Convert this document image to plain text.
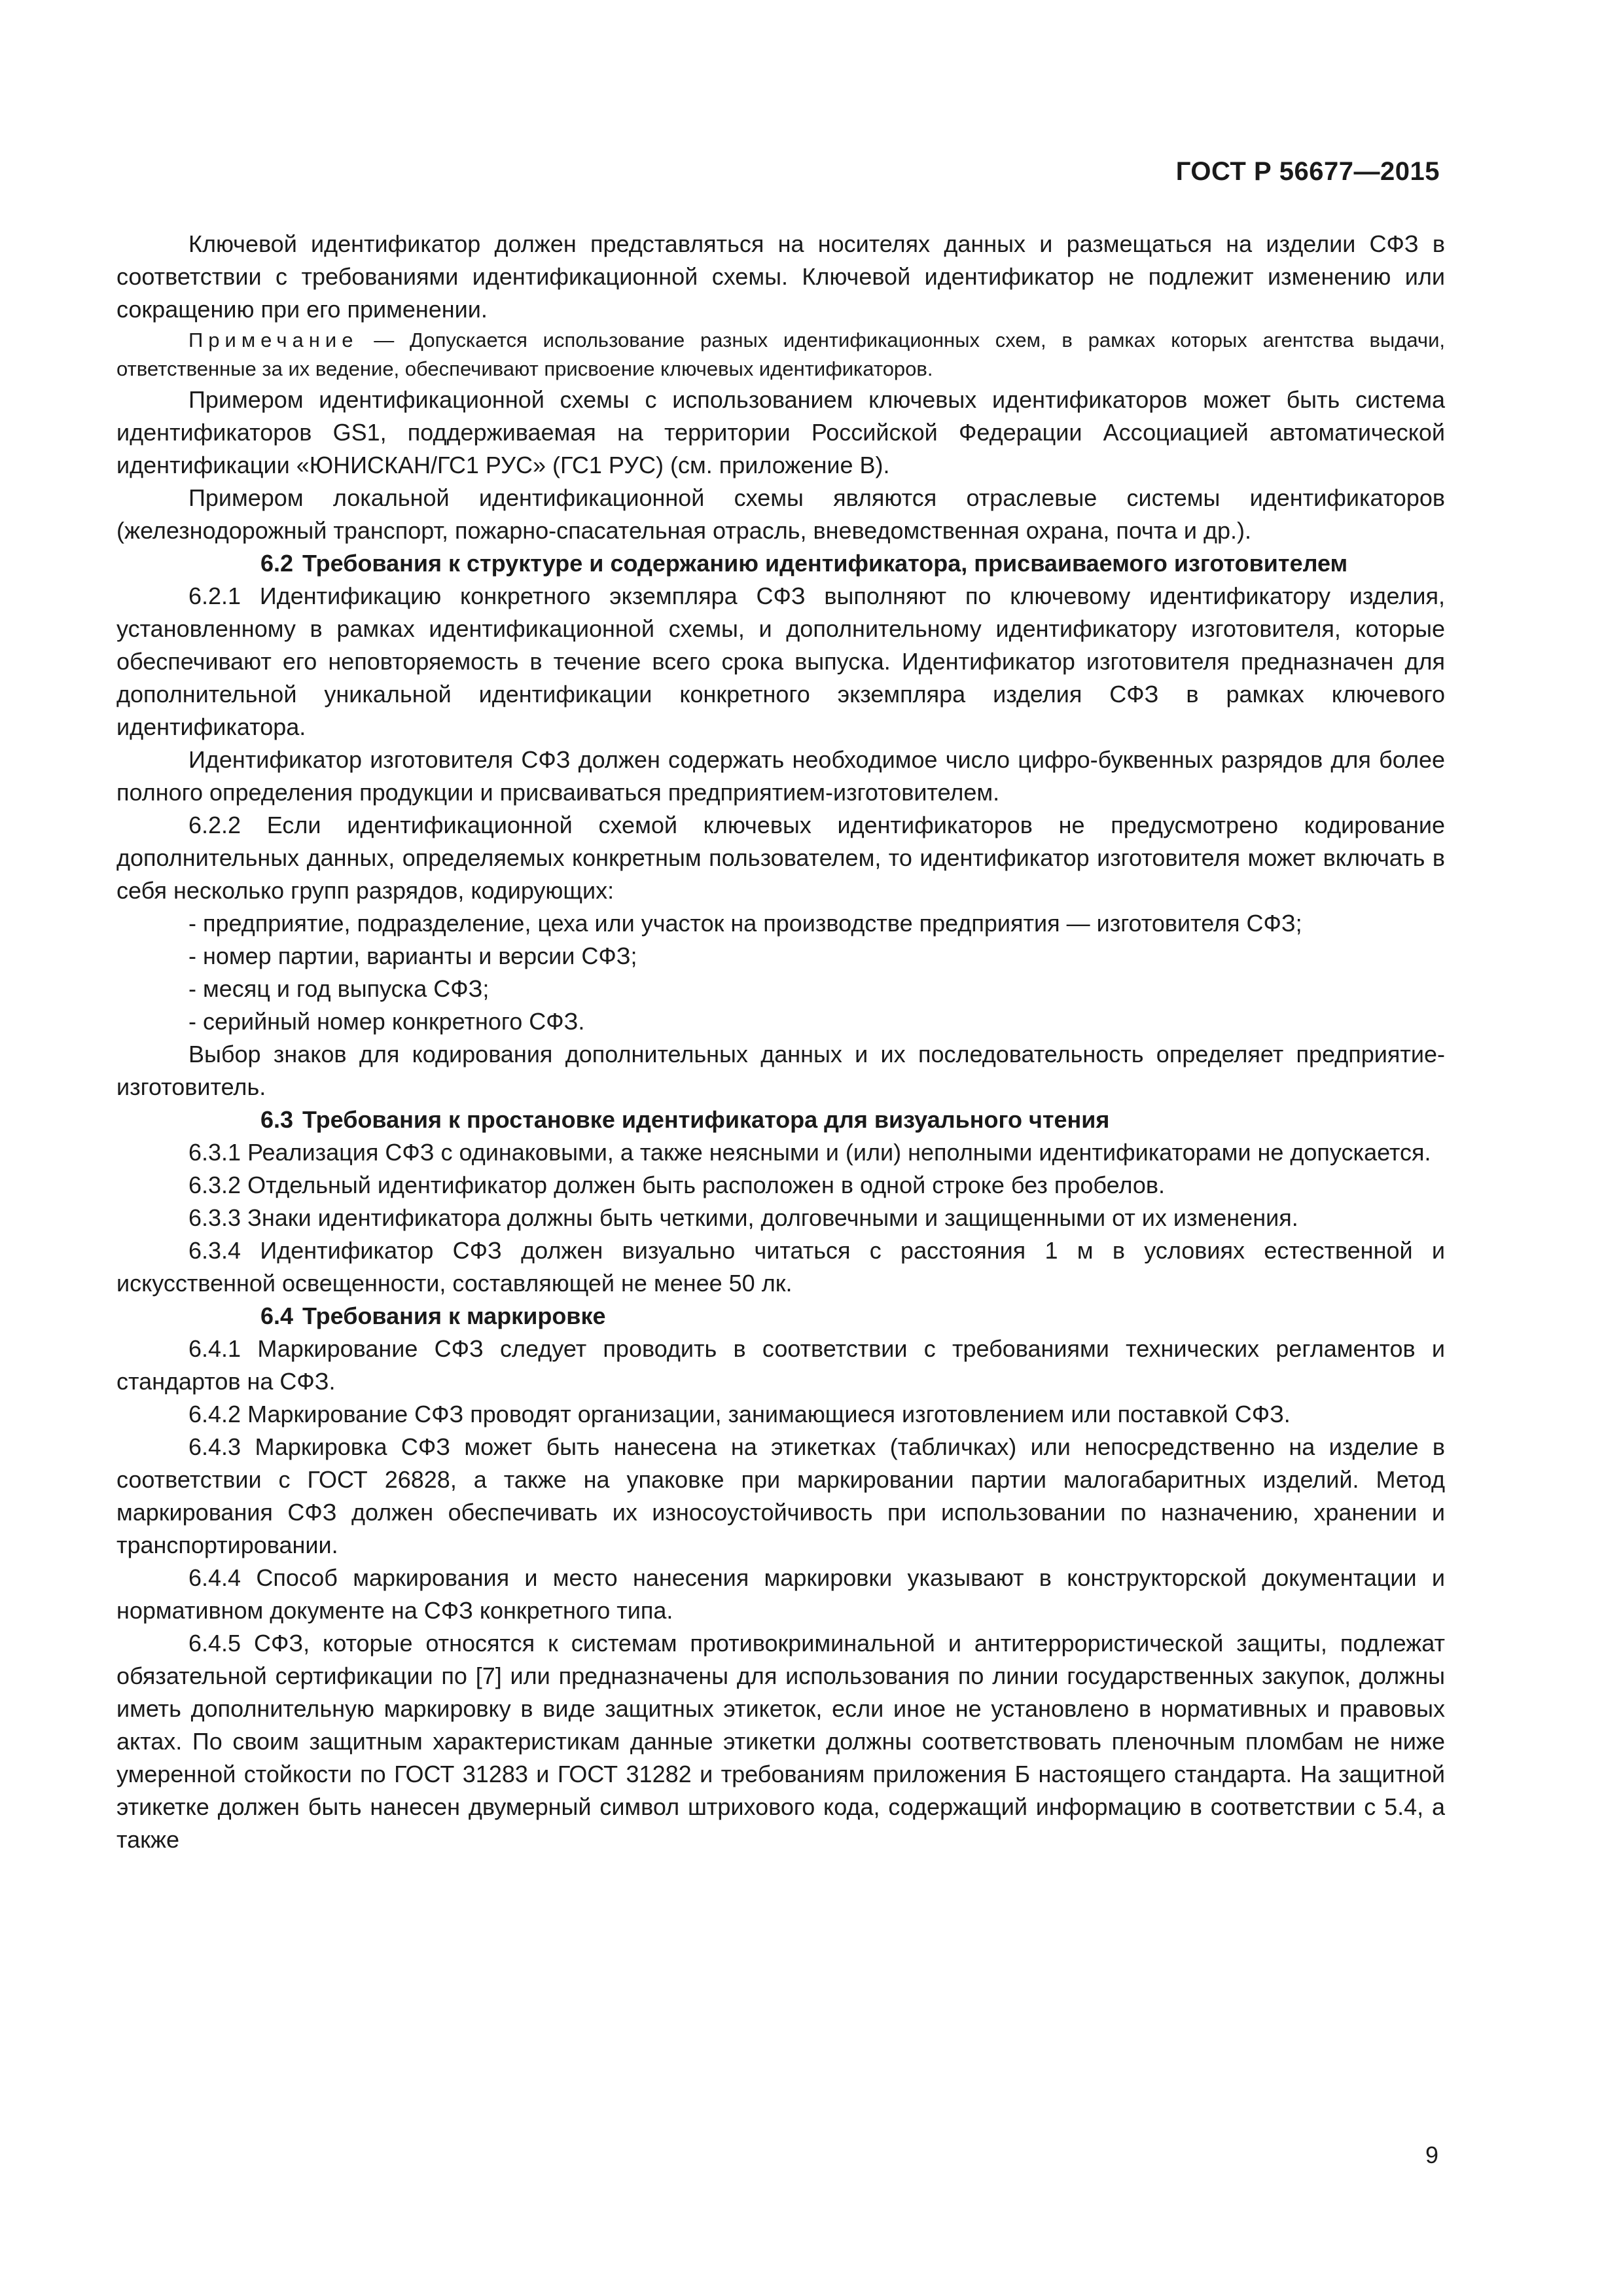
ГОСТ Р 56677—2015

Ключевой идентификатор должен представляться на носителях данных и размещаться на изделии СФЗ в соответствии с требованиями идентификационной схемы. Ключевой идентификатор не подлежит изменению или сокращению при его применении.

Примечание — Допускается использование разных идентификационных схем, в рамках которых агентства выдачи, ответственные за их ведение, обеспечивают присвоение ключевых идентификаторов.

Примером идентификационной схемы с использованием ключевых идентификаторов может быть система идентификаторов GS1, поддерживаемая на территории Российской Федерации Ассоциацией автоматической идентификации «ЮНИСКАН/ГС1 РУС» (ГС1 РУС) (см. приложение В).

Примером локальной идентификационной схемы являются отраслевые системы идентификаторов (железнодорожный транспорт, пожарно-спасательная отрасль, вневедомственная охрана, почта и др.).

6.2 Требования к структуре и содержанию идентификатора, присваиваемого изготовителем

6.2.1 Идентификацию конкретного экземпляра СФЗ выполняют по ключевому идентификатору изделия, установленному в рамках идентификационной схемы, и дополнительному идентификатору изготовителя, которые обеспечивают его неповторяемость в течение всего срока выпуска. Идентификатор изготовителя предназначен для дополнительной уникальной идентификации конкретного экземпляра изделия СФЗ в рамках ключевого идентификатора.

Идентификатор изготовителя СФЗ должен содержать необходимое число цифро-буквенных разрядов для более полного определения продукции и присваиваться предприятием-изготовителем.

6.2.2 Если идентификационной схемой ключевых идентификаторов не предусмотрено кодирование дополнительных данных, определяемых конкретным пользователем, то идентификатор изготовителя может включать в себя несколько групп разрядов, кодирующих:

- предприятие, подразделение, цеха или участок на производстве предприятия — изготовителя СФЗ;

- номер партии, варианты и версии СФЗ;

- месяц и год выпуска СФЗ;

- серийный номер конкретного СФЗ.

Выбор знаков для кодирования дополнительных данных и их последовательность определяет предприятие-изготовитель.

6.3 Требования к простановке идентификатора для визуального чтения

6.3.1 Реализация СФЗ с одинаковыми, а также неясными и (или) неполными идентификаторами не допускается.

6.3.2 Отдельный идентификатор должен быть расположен в одной строке без пробелов.

6.3.3 Знаки идентификатора должны быть четкими, долговечными и защищенными от их изменения.

6.3.4 Идентификатор СФЗ должен визуально читаться с расстояния 1 м в условиях естественной и искусственной освещенности, составляющей не менее 50 лк.

6.4 Требования к маркировке

6.4.1 Маркирование СФЗ следует проводить в соответствии с требованиями технических регламентов и стандартов на СФЗ.

6.4.2 Маркирование СФЗ проводят организации, занимающиеся изготовлением или поставкой СФЗ.

6.4.3 Маркировка СФЗ может быть нанесена на этикетках (табличках) или непосредственно на изделие в соответствии с ГОСТ 26828, а также на упаковке при маркировании партии малогабаритных изделий. Метод маркирования СФЗ должен обеспечивать их износоустойчивость при использовании по назначению, хранении и транспортировании.

6.4.4 Способ маркирования и место нанесения маркировки указывают в конструкторской документации и нормативном документе на СФЗ конкретного типа.

6.4.5 СФЗ, которые относятся к системам противокриминальной и антитеррористической защиты, подлежат обязательной сертификации по [7] или предназначены для использования по линии государственных закупок, должны иметь дополнительную маркировку в виде защитных этикеток, если иное не установлено в нормативных и правовых актах. По своим защитным характеристикам данные этикетки должны соответствовать пленочным пломбам не ниже умеренной стойкости по ГОСТ 31283 и ГОСТ 31282 и требованиям приложения Б настоящего стандарта. На защитной этикетке должен быть нанесен двумерный символ штрихового кода, содержащий информацию в соответствии с 5.4, а также

9
